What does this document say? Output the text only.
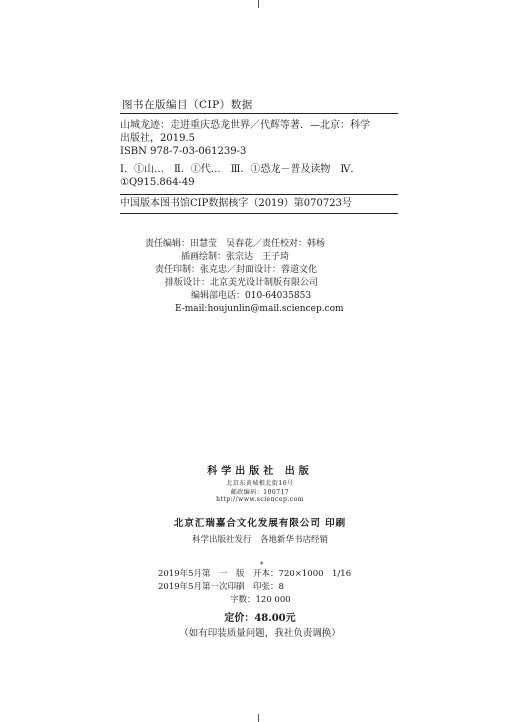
图书在版编目（CIP）数据

山城龙迹：走进重庆恐龙世界／代辉等著．—北京：科学

出版社，2019.5

ISBN 978-7-03-061239-3

Ⅰ．①山…　Ⅱ．①代…　Ⅲ．①恐龙－普及读物　Ⅳ．

①Q915.864-49

中国版本图书馆CIP数据核字（2019）第070723号
责任编辑：田慧莹　吴春花／责任校对：韩杨
插画绘制：张宗达　王子琦
责任印制：张克忠／封面设计：蓉道文化
排版设计：北京美光设计制版有限公司
编辑部电话：010-64035853
E-mail:houjunlin@mail.sciencep.com
科学出版社 出版
北京东黄城根北街16号
邮政编码：100717
http://www.sciencep.com
北京汇瑞嘉合文化发展有限公司 印刷
科学出版社发行　各地新华书店经销
*
2019年5月第　一　版　开本：720×1000　1/16
2019年5月第一次印刷　印张：8
字数：120 000
定价：48.00元
（如有印装质量问题，我社负责调换）
